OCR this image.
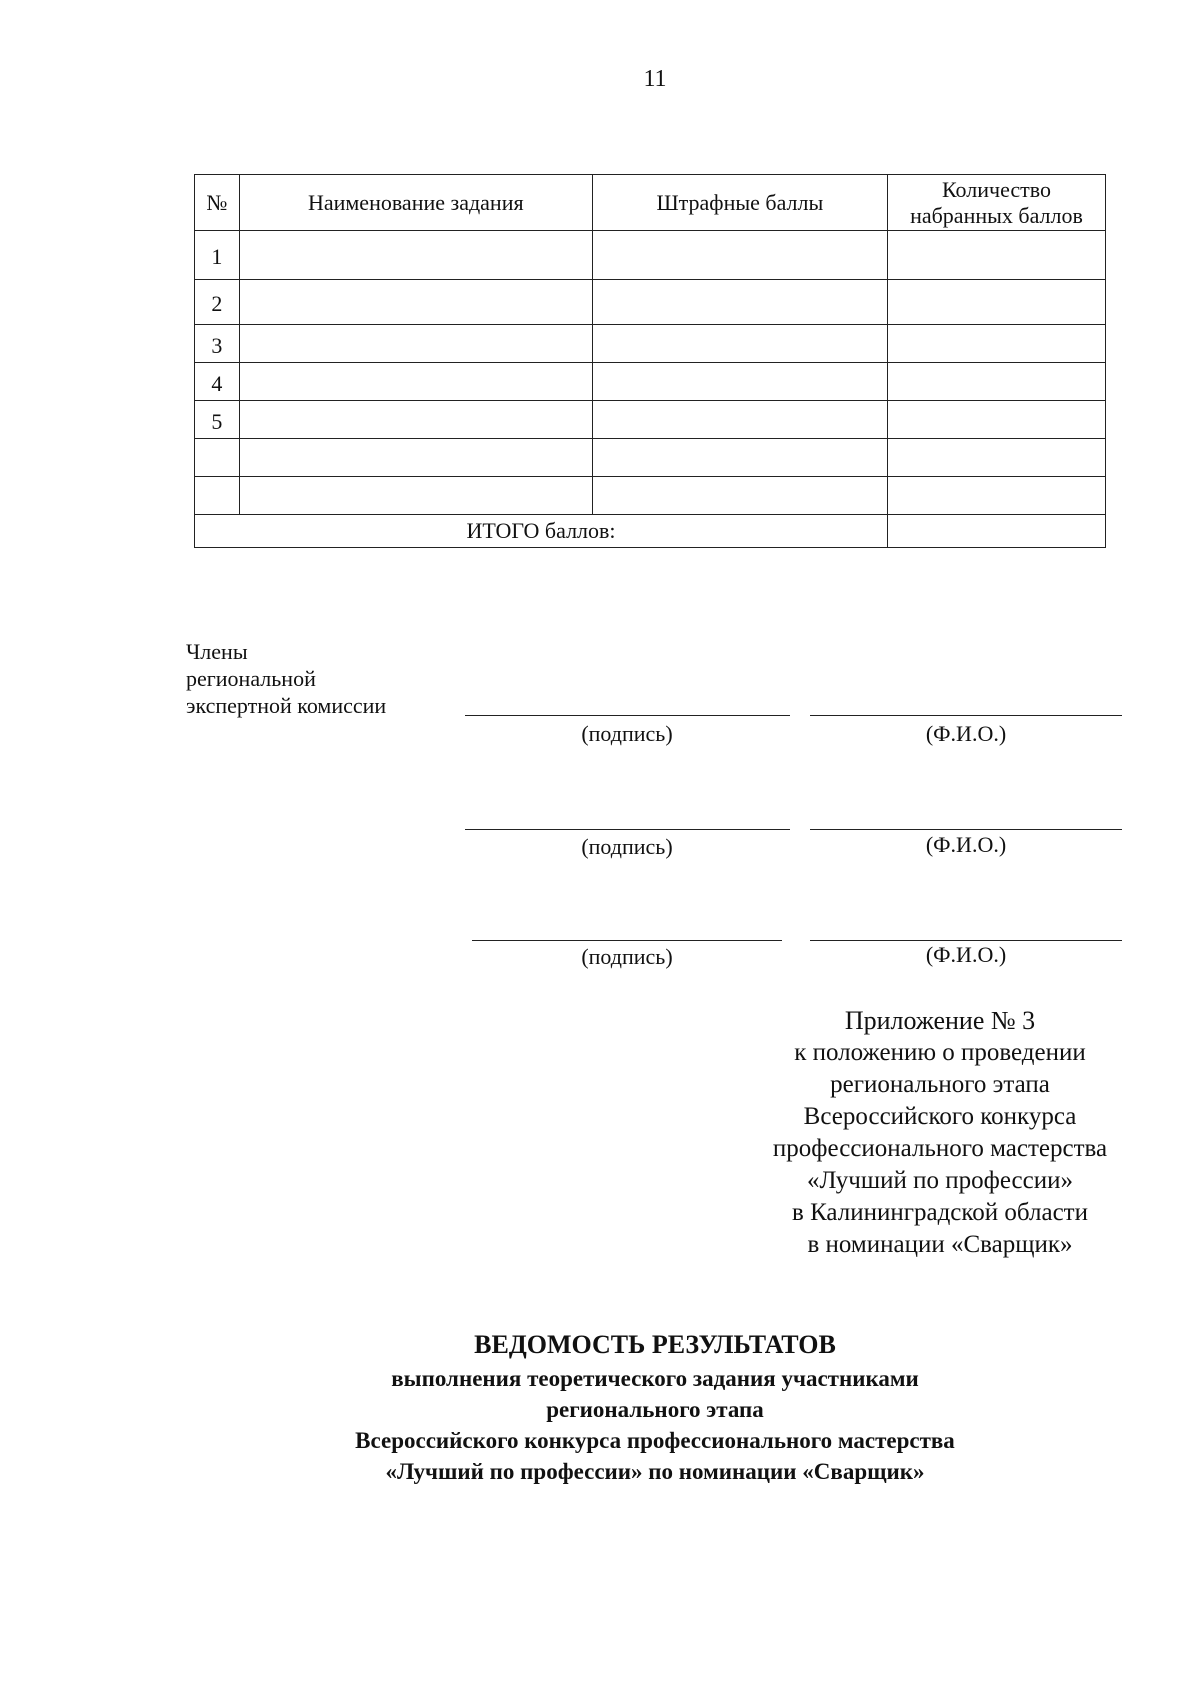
11
№	Наименование задания	Штрафные баллы	Количество набранных баллов
1			
2			
3			
4			
5			

ИТОГО баллов:			
Члены
региональной
экспертной комиссии
(подпись)	(Ф.И.О.)
(подпись)	(Ф.И.О.)
(подпись)	(Ф.И.О.)
Приложение № 3
к положению о проведении
регионального этапа
Всероссийского конкурса
профессионального мастерства
«Лучший по профессии»
в Калининградской области
в номинации «Сварщик»
ВЕДОМОСТЬ РЕЗУЛЬТАТОВ
выполнения теоретического задания участниками
регионального этапа
Всероссийского конкурса профессионального мастерства
«Лучший по профессии» по номинации «Сварщик»
